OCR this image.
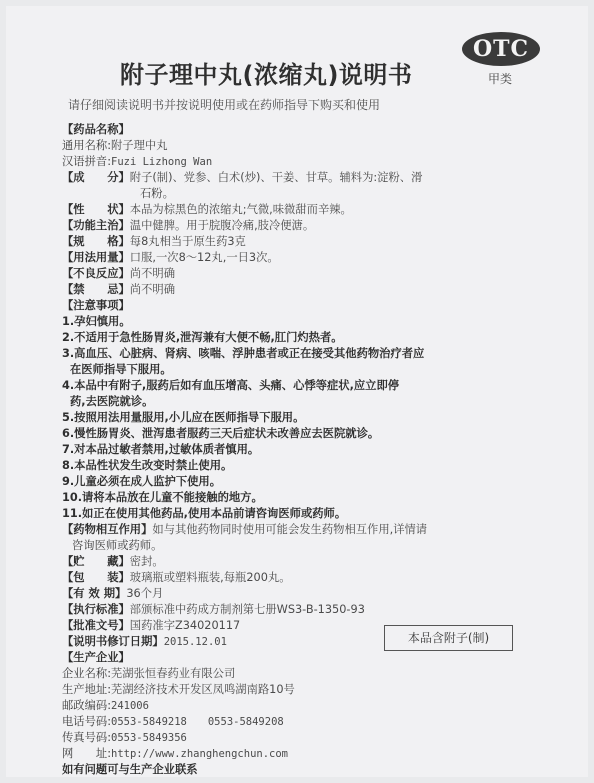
OTC
甲类
附子理中丸(浓缩丸)说明书
请仔细阅读说明书并按说明使用或在药师指导下购买和使用
【药品名称】
通用名称:附子理中丸
汉语拼音:Fuzi Lizhong Wan
【成　　分】附子(制)、党参、白术(炒)、干姜、甘草。辅料为:淀粉、滑
石粉。
【性　　状】本品为棕黑色的浓缩丸;气微,味微甜而辛辣。
【功能主治】温中健脾。用于脘腹冷痛,肢冷便溏。
【规　　格】每8丸相当于原生药3克
【用法用量】口服,一次8～12丸,一日3次。
【不良反应】尚不明确
【禁　　忌】尚不明确
【注意事项】
1.孕妇慎用。
2.不适用于急性肠胃炎,泄泻兼有大便不畅,肛门灼热者。
3.高血压、心脏病、肾病、咳喘、浮肿患者或正在接受其他药物治疗者应
在医师指导下服用。
4.本品中有附子,服药后如有血压增高、头痛、心悸等症状,应立即停
药,去医院就诊。
5.按照用法用量服用,小儿应在医师指导下服用。
6.慢性肠胃炎、泄泻患者服药三天后症状未改善应去医院就诊。
7.对本品过敏者禁用,过敏体质者慎用。
8.本品性状发生改变时禁止使用。
9.儿童必须在成人监护下使用。
10.请将本品放在儿童不能接触的地方。
11.如正在使用其他药品,使用本品前请咨询医师或药师。
【药物相互作用】如与其他药物同时使用可能会发生药物相互作用,详情请
咨询医师或药师。
【贮　　藏】密封。
【包　　装】玻璃瓶或塑料瓶装,每瓶200丸。
【有 效 期】36个月
【执行标准】部颁标准中药成方制剂第七册WS3-B-1350-93
【批准文号】国药准字Z34020117
【说明书修订日期】2015.12.01	本品含附子(制)
【生产企业】
企业名称:芜湖张恒春药业有限公司
生产地址:芜湖经济技术开发区凤鸣湖南路10号
邮政编码:241006
电话号码:0553-5849218　　0553-5849208
传真号码:0553-5849356
网　　址:http://www.zhanghengchun.com
如有问题可与生产企业联系
